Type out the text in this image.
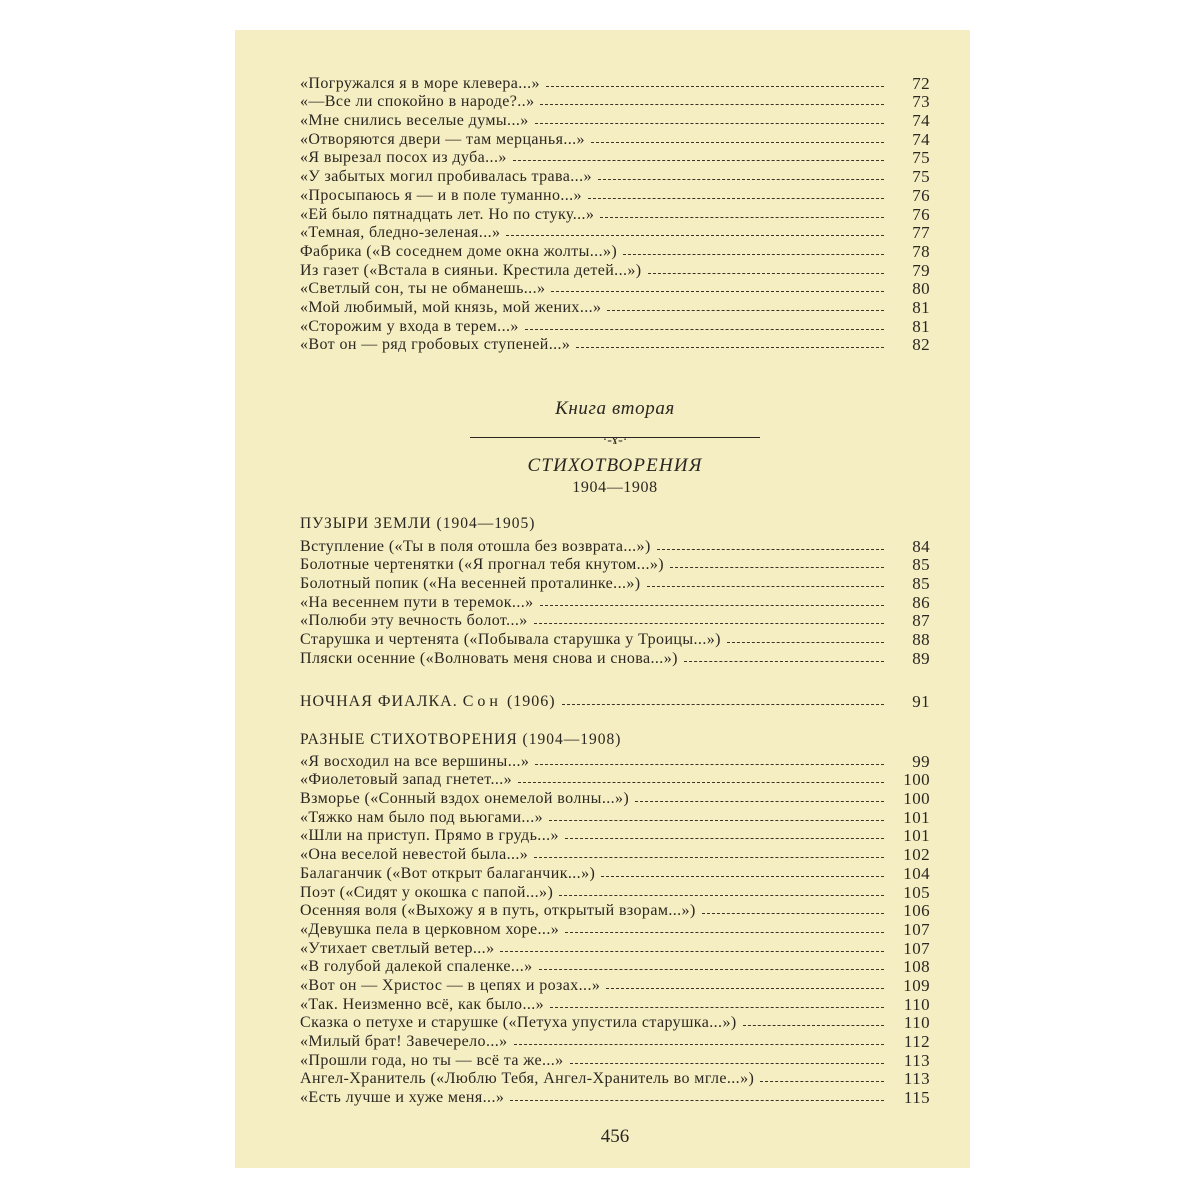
«Погружался я в море клевера...»	72
«—Все ли спокойно в народе?..»	73
«Мне снились веселые думы...»	74
«Отворяются двери — там мерцанья...»	74
«Я вырезал посох из дуба...»	75
«У забытых могил пробивалась трава...»	75
«Просыпаюсь я — и в поле туманно...»	76
«Ей было пятнадцать лет. Но по стуку...»	76
«Темная, бледно-зеленая...»	77
Фабрика («В соседнем доме окна жолты...»)	78
Из газет («Встала в сияньи. Крестила детей...»)	79
«Светлый сон, ты не обманешь...»	80
«Мой любимый, мой князь, мой жених...»	81
«Сторожим у входа в терем...»	81
«Вот он — ряд гробовых ступеней...»	82
Книга вторая
·-ɤ-·
СТИХОТВОРЕНИЯ
1904—1908
ПУЗЫРИ ЗЕМЛИ (1904—1905)
Вступление («Ты в поля отошла без возврата...»)	84
Болотные чертенятки («Я прогнал тебя кнутом...»)	85
Болотный попик («На весенней проталинке...»)	85
«На весеннем пути в теремок...»	86
«Полюби эту вечность болот...»	87
Старушка и чертенята («Побывала старушка у Троицы...»)	88
Пляски осенние («Волновать меня снова и снова...»)	89
НОЧНАЯ ФИАЛКА. Сон (1906)	91
РАЗНЫЕ СТИХОТВОРЕНИЯ (1904—1908)
«Я восходил на все вершины...»	99
«Фиолетовый запад гнетет...»	100
Взморье («Сонный вздох онемелой волны...»)	100
«Тяжко нам было под вьюгами...»	101
«Шли на приступ. Прямо в грудь...»	101
«Она веселой невестой была...»	102
Балаганчик («Вот открыт балаганчик...»)	104
Поэт («Сидят у окошка с папой...»)	105
Осенняя воля («Выхожу я в путь, открытый взорам...»)	106
«Девушка пела в церковном хоре...»	107
«Утихает светлый ветер...»	107
«В голубой далекой спаленке...»	108
«Вот он — Христос — в цепях и розах...»	109
«Так. Неизменно всё, как было...»	110
Сказка о петухе и старушке («Петуха упустила старушка...»)	110
«Милый брат! Завечерело...»	112
«Прошли года, но ты — всё та же...»	113
Ангел-Хранитель («Люблю Тебя, Ангел-Хранитель во мгле...»)	113
«Есть лучше и хуже меня...»	115
456
